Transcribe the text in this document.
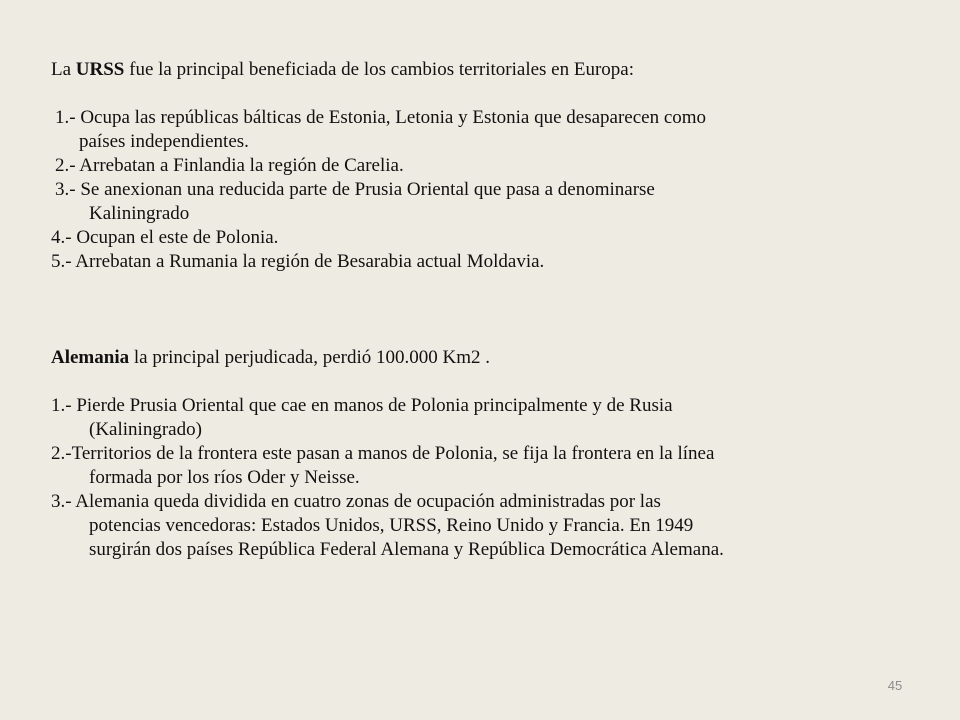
La URSS fue la principal beneficiada de los cambios territoriales en Europa:
1.- Ocupa las repúblicas bálticas de Estonia, Letonia y Estonia que desaparecen como
países independientes.
2.- Arrebatan a Finlandia la región de Carelia.
3.- Se anexionan una reducida parte de Prusia Oriental que pasa a denominarse
Kaliningrado
4.- Ocupan el este de Polonia.
5.- Arrebatan a Rumania la región de Besarabia actual Moldavia.
Alemania la principal perjudicada, perdió 100.000 Km2 .
1.- Pierde Prusia Oriental que cae en manos de Polonia principalmente y de Rusia
(Kaliningrado)
2.-Territorios de la frontera este pasan a manos de Polonia, se fija la frontera en la línea
formada por los ríos Oder y Neisse.
3.- Alemania queda dividida en cuatro zonas de ocupación administradas por las
potencias vencedoras: Estados Unidos, URSS, Reino Unido y Francia. En 1949
surgirán dos países República Federal Alemana y República Democrática Alemana.
45
